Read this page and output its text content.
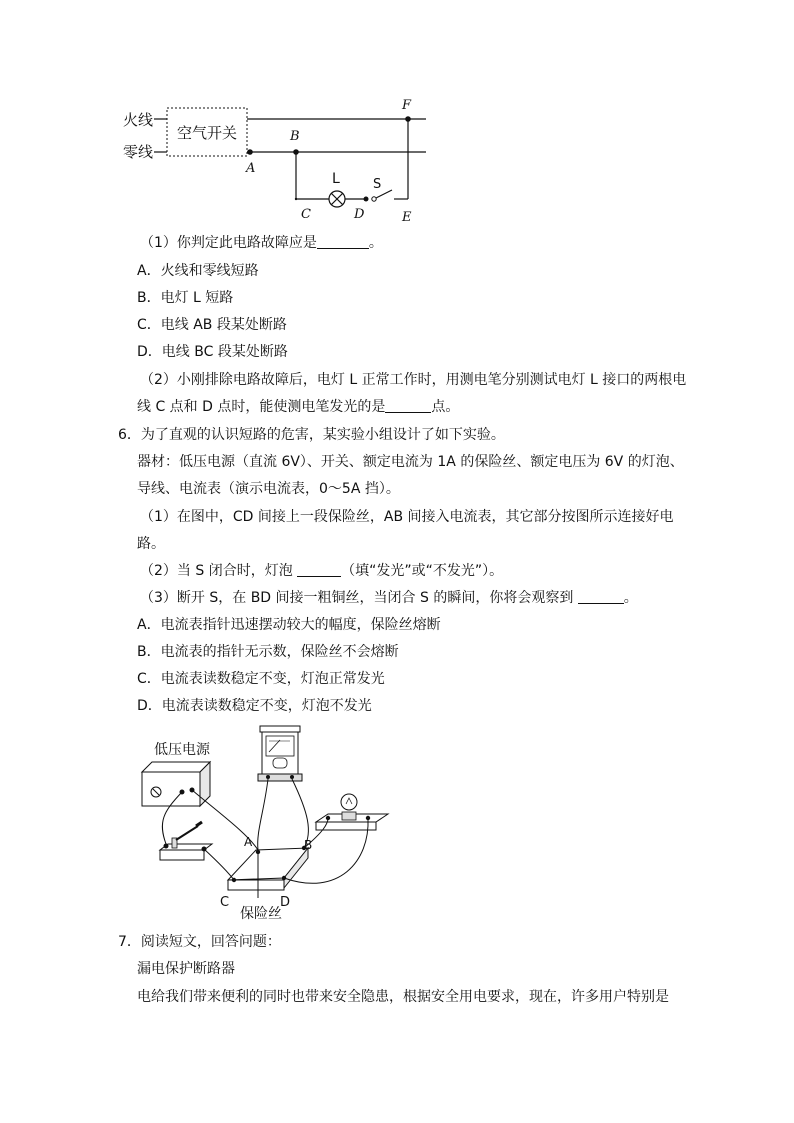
火线
零线
空气开关
A
B
C	D	E
F
L	S
（1）你判定此电路故障应是	。
A．火线和零线短路
B．电灯 L 短路
C．电线 AB 段某处断路
D．电线 BC 段某处断路
（2）小刚排除电路故障后，电灯 L 正常工作时，用测电笔分别测试电灯 L 接口的两根电
线 C 点和 D 点时，能使测电笔发光的是	点。
6．为了直观的认识短路的危害，某实验小组设计了如下实验。
器材：低压电源（直流 6V）、开关、额定电流为 1A 的保险丝、额定电压为 6V 的灯泡、
导线、电流表（演示电流表，0～5A 挡）。
（1）在图中，CD 间接上一段保险丝，AB 间接入电流表，其它部分按图所示连接好电
路。
（2）当 S 闭合时，灯泡	（填“发光”或“不发光”）。
（3）断开 S，在 BD 间接一粗铜丝，当闭合 S 的瞬间，你将会观察到	。
A．电流表指针迅速摆动较大的幅度，保险丝熔断
B．电流表的指针无示数，保险丝不会熔断
C．电流表读数稳定不变，灯泡正常发光
D．电流表读数稳定不变，灯泡不发光
低压电源
A	B
C	D
保险丝
7．阅读短文，回答问题：
漏电保护断路器
电给我们带来便利的同时也带来安全隐患，根据安全用电要求，现在，许多用户特别是
